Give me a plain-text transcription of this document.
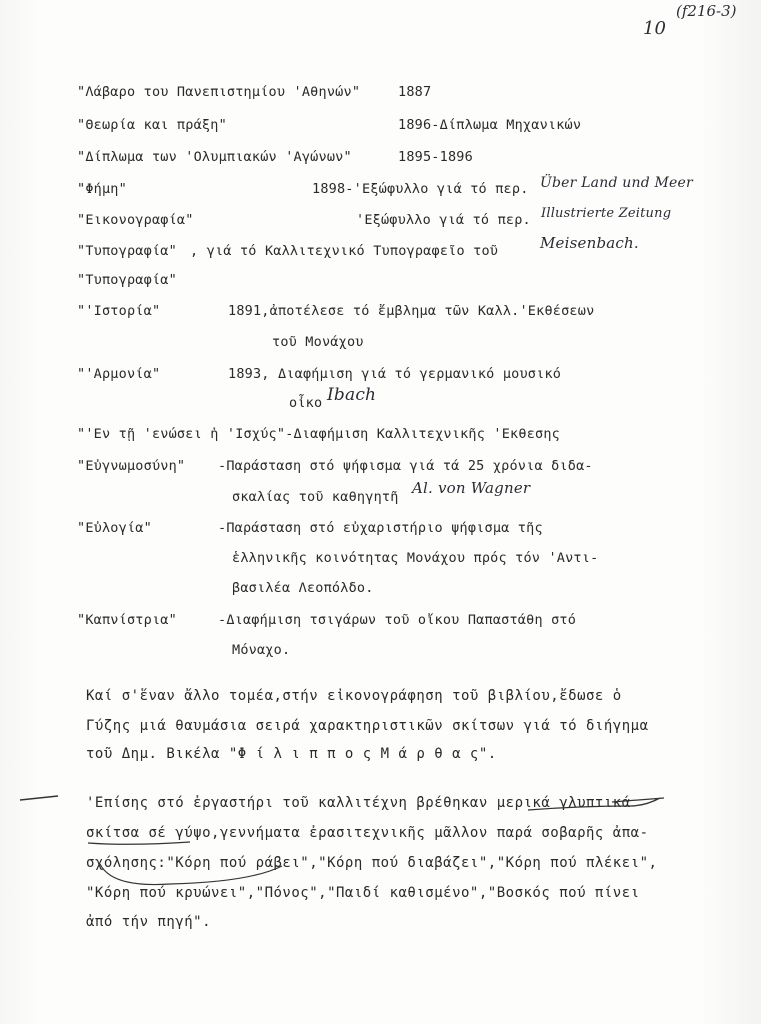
10
(f216-3)
"Λάβαρο του Πανεπιστημίου 'Αθηνών"	1887
"Θεωρία και πράξη"	1896-Δίπλωμα Μηχανικών
"Δίπλωμα των 'Ολυμπιακών 'Αγώνων"	1895-1896
"Φήμη"	1898-'Εξώφυλλο γιά τό περ. Über Land und Meer
"Εικονογραφία"	'Εξώφυλλο γιά τό περ. Illustrierte Zeitung
"Τυπογραφία" , γιά τό Καλλιτεχνικό Τυπογραφεῖο τοῦ	Meisenbach.
"Τυπογραφία"
"'Ιστορία"	1891,ἀποτέλεσε τό ἔμβλημα τῶν Καλλ.'Εκθέσεων
τοῦ Μονάχου
"'Αρμονία"	1893, Διαφήμιση γιά τό γερμανικό μουσικό
οἶκο Ibach
"'Εν τῇ 'ενώσει ἡ 'Ισχύς"-Διαφήμιση Καλλιτεχνικῆς 'Εκθεσης
"Εὐγνωμοσύνη" -Παράσταση στό ψήφισμα γιά τά 25 χρόνια διδα-
σκαλίας τοῦ καθηγητῆ Al. von Wagner
"Εὐλογία"	-Παράσταση στό εὐχαριστήριο ψήφισμα τῆς
ἑλληνικῆς κοινότητας Μονάχου πρός τόν 'Αντι-
βασιλέα Λεοπόλδο.
"Καπνίστρια"	-Διαφήμιση τσιγάρων τοῦ οἴκου Παπαστάθη στό
Μόναχο.
Καί σ'ἕναν ἄλλο τομέα,στήν εἰκονογράφηση τοῦ βιβλίου,ἔδωσε ὁ
Γύζης μιά θαυμάσια σειρά χαρακτηριστικῶν σκίτσων γιά τό διήγημα
τοῦ Δημ. Βικέλα "Φ ί λ ι π π ο ς Μ ά ρ θ α ς".
'Επίσης στό ἐργαστήρι τοῦ καλλιτέχνη βρέθηκαν μερικά γλυπτικά
σκίτσα σέ γύψο,γεννήματα ἐρασιτεχνικῆς μᾶλλον παρά σοβαρῆς ἀπα-
σχόλησης:"Κόρη πού ράβει","Κόρη πού διαβάζει","Κόρη πού πλέκει",
"Κόρη πού κρυώνει","Πόνος","Παιδί καθισμένο","Βοσκός πού πίνει
ἀπό τήν πηγή".
